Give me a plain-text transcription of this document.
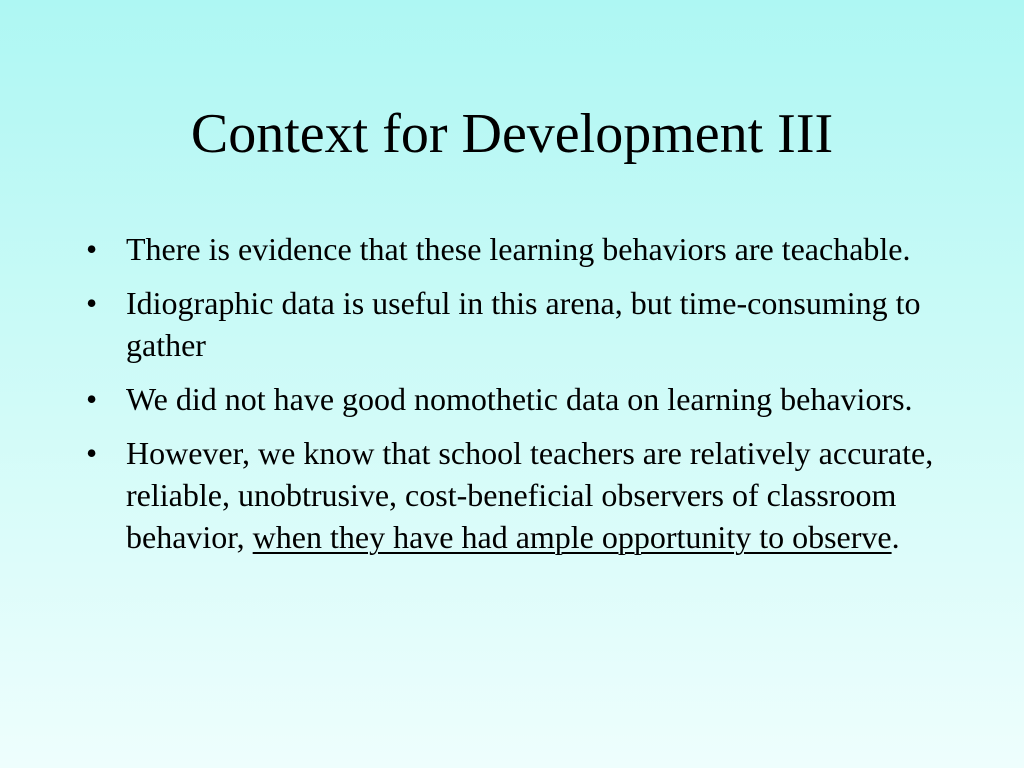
Context for Development III
• There is evidence that these learning behaviors are teachable.
• Idiographic data is useful in this arena, but time-consuming to gather
• We did not have good nomothetic data on learning behaviors.
• However, we know that school teachers are relatively accurate, reliable, unobtrusive, cost-beneficial observers of classroom behavior, when they have had ample opportunity to observe.
